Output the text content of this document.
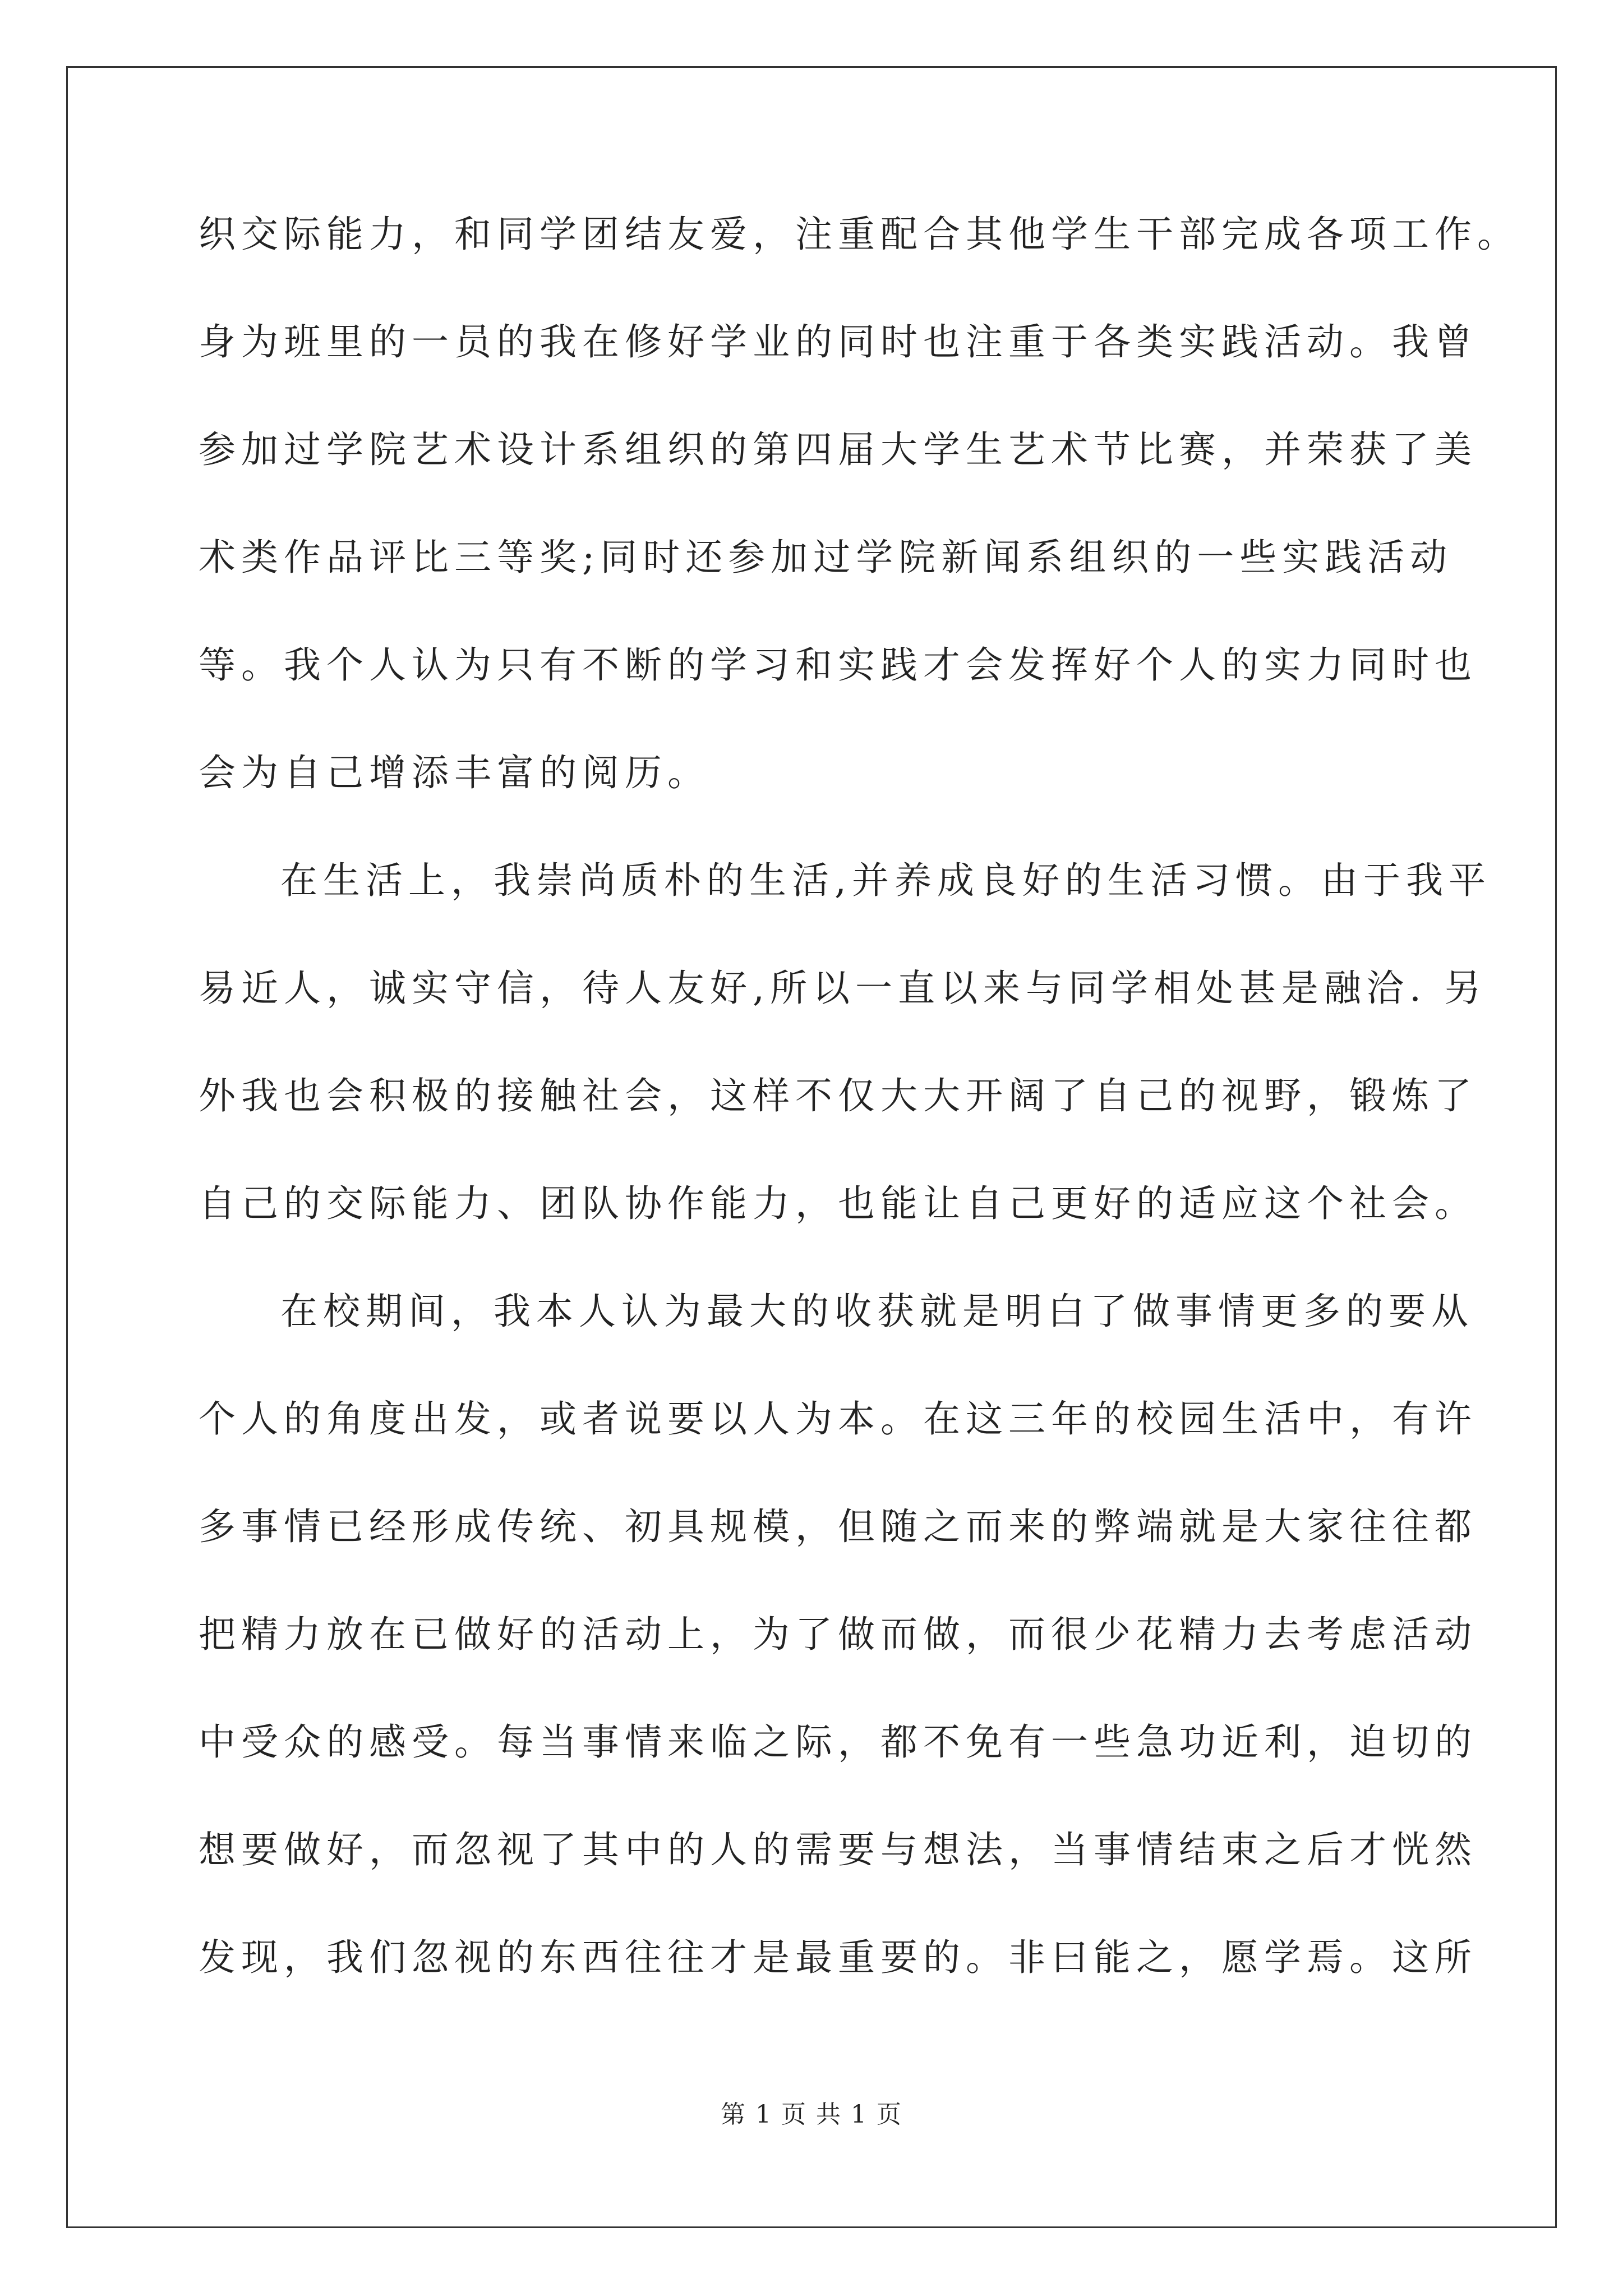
织交际能力，和同学团结友爱，注重配合其他学生干部完成各项工作。

身为班里的一员的我在修好学业的同时也注重于各类实践活动。我曾

参加过学院艺术设计系组织的第四届大学生艺术节比赛，并荣获了美

术类作品评比三等奖;同时还参加过学院新闻系组织的一些实践活动

等。我个人认为只有不断的学习和实践才会发挥好个人的实力同时也

会为自己增添丰富的阅历。

在生活上，我崇尚质朴的生活,并养成良好的生活习惯。由于我平

易近人，诚实守信，待人友好,所以一直以来与同学相处甚是融洽. 另

外我也会积极的接触社会，这样不仅大大开阔了自己的视野，锻炼了

自己的交际能力、团队协作能力，也能让自己更好的适应这个社会。

在校期间，我本人认为最大的收获就是明白了做事情更多的要从

个人的角度出发，或者说要以人为本。在这三年的校园生活中，有许

多事情已经形成传统、初具规模，但随之而来的弊端就是大家往往都

把精力放在已做好的活动上，为了做而做，而很少花精力去考虑活动

中受众的感受。每当事情来临之际，都不免有一些急功近利，迫切的

想要做好，而忽视了其中的人的需要与想法，当事情结束之后才恍然

发现，我们忽视的东西往往才是最重要的。非曰能之，愿学焉。这所

第 1 页 共 1 页
